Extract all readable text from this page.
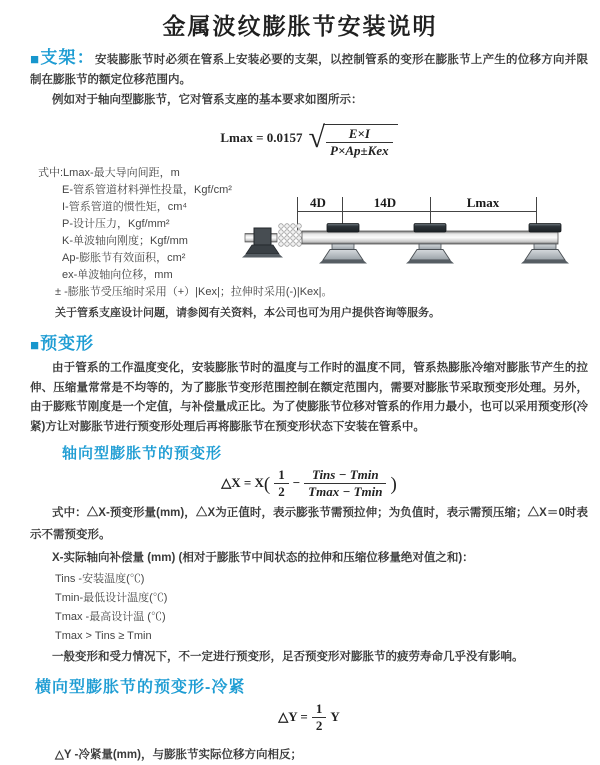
金属波纹膨胀节安装说明

■支架：安装膨胀节时必须在管系上安装必要的支架，以控制管系的变形在膨胀节上产生的位移方向并限制在膨胀节的额定位移范围内。

例如对于轴向型膨胀节，它对管系支座的基本要求如图所示：

Lmax = 0.0157 √ $\frac{E\times I}{\text{P×Ap±Kex}}$
式中:Lmax-最大导向间距，m
E-管系管道材料弹性投量，Kgf/cm²
I-管系管道的惯性矩，cm⁴
P-设计压力，Kgf/mm²
K-单波轴向刚度；Kgf/mm
Ap-膨胀节有效面积，cm²
ex-单波轴向位移，mm
± -膨胀节受压缩时采用（+）|Kex|；拉伸时采用(-)|Kex|。
关于管系支座设计问题，请参阅有关资料，本公司也可为用户提供咨询等服务。

■预变形

由于管系的工作温度变化，安装膨胀节时的温度与工作时的温度不同，管系热膨胀冷缩对膨胀节产生的拉伸、压缩量常常是不均等的，为了膨胀节变形范围控制在额定范围内，需要对膨胀节采取预变形处理。另外，由于膨账节刚度是一个定值，与补偿量成正比。为了使膨胀节位移对管系的作用力最小，也可以采用预变形(冷紧)方让对膨胀节进行预变形处理后再将膨胀节在预变形状态下安装在管系中。

轴向型膨胀节的预变形
△X = $X( \frac{1}{2} - \frac{\text{Tins − Tmin}}{Tmax - Tmin}$ )

式中：△X-预变形量(mm)，△X为正值时，表示膨张节需预拉伸；为负值时，表示需预压缩；△X＝0时表示不需预变形。

X-实际轴向补偿量 (mm) (相对于膨胀节中间状态的拉伸和压缩位移量绝对值之和)：

Tins -安装温度(℃)
Tmin-最低设计温度(℃)
Tmax -最高设计温 (℃)
Tmax > Tins ≥ Tmin

一般变形和受力情况下，不一定进行预变形，足否预变形对膨胀节的疲劳寿命几乎没有影响。

横向型膨胀节的预变形-冷紧
△Y = $\frac{1}{2}$ Y

△Y -冷紧量(mm)，与膨胀节实际位移方向相反；

4D	14D	Lmax
